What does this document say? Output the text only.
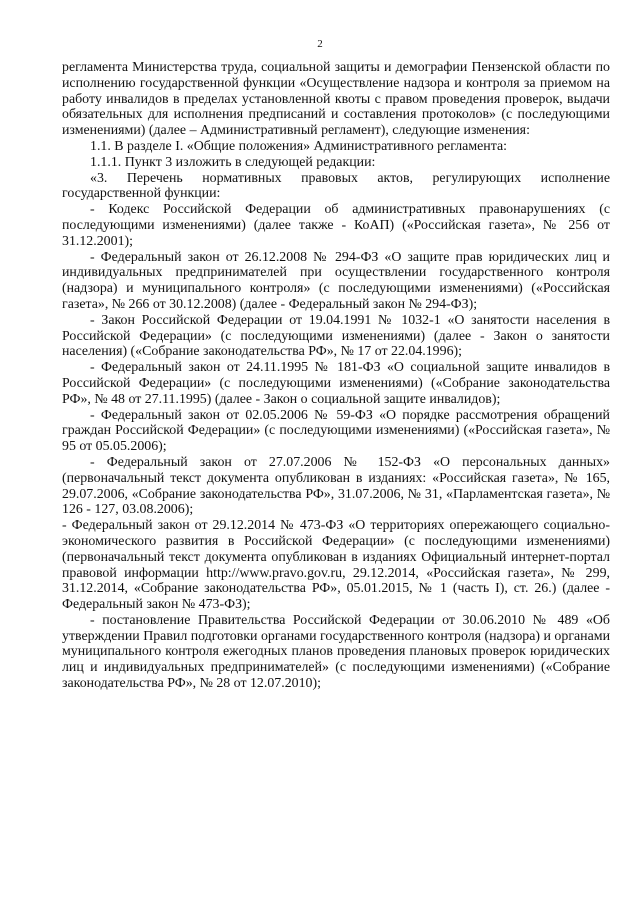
2

регламента Министерства труда, социальной защиты и демографии Пензенской области по исполнению государственной функции «Осуществление надзора и контроля за приемом на работу инвалидов в пределах установленной квоты с правом проведения проверок, выдачи обязательных для исполнения предписаний и составления протоколов» (с последующими изменениями) (далее – Административный регламент), следующие изменения:

1.1. В разделе I. «Общие положения» Административного регламента:

1.1.1. Пункт 3 изложить в следующей редакции:

«3. Перечень нормативных правовых актов, регулирующих исполнение государственной функции:

- Кодекс Российской Федерации об административных правонарушениях (с последующими изменениями) (далее также - КоАП) («Российская газета», № 256 от 31.12.2001);

- Федеральный закон от 26.12.2008 № 294-ФЗ «О защите прав юридических лиц и индивидуальных предпринимателей при осуществлении государственного контроля (надзора) и муниципального контроля» (с последующими изменениями) («Российская газета», № 266 от 30.12.2008) (далее - Федеральный закон № 294-ФЗ);

- Закон Российской Федерации от 19.04.1991 № 1032-1 «О занятости населения в Российской Федерации» (с последующими изменениями) (далее - Закон о занятости населения) («Собрание законодательства РФ», № 17 от 22.04.1996);

- Федеральный закон от 24.11.1995 № 181-ФЗ «О социальной защите инвалидов в Российской Федерации» (с последующими изменениями) («Собрание законодательства РФ», № 48 от 27.11.1995) (далее - Закон о социальной защите инвалидов);

- Федеральный закон от 02.05.2006 № 59-ФЗ «О порядке рассмотрения обращений граждан Российской Федерации» (с последующими изменениями) («Российская газета», № 95 от 05.05.2006);

- Федеральный закон от 27.07.2006 № 152-ФЗ «О персональных данных» (первоначальный текст документа опубликован в изданиях: «Российская газета», № 165, 29.07.2006, «Собрание законодательства РФ», 31.07.2006, № 31, «Парламентская газета», № 126 - 127, 03.08.2006);

- Федеральный закон от 29.12.2014 № 473-ФЗ «О территориях опережающего социально-экономического развития в Российской Федерации» (с последующими изменениями) (первоначальный текст документа опубликован в изданиях Официальный интернет-портал правовой информации http://www.pravo.gov.ru, 29.12.2014, «Российская газета», № 299, 31.12.2014, «Собрание законодательства РФ», 05.01.2015, № 1 (часть I), ст. 26.) (далее - Федеральный закон № 473-ФЗ);

- постановление Правительства Российской Федерации от 30.06.2010 № 489 «Об утверждении Правил подготовки органами государственного контроля (надзора) и органами муниципального контроля ежегодных планов проведения плановых проверок юридических лиц и индивидуальных предпринимателей» (с последующими изменениями) («Собрание законодательства РФ», № 28 от 12.07.2010);
